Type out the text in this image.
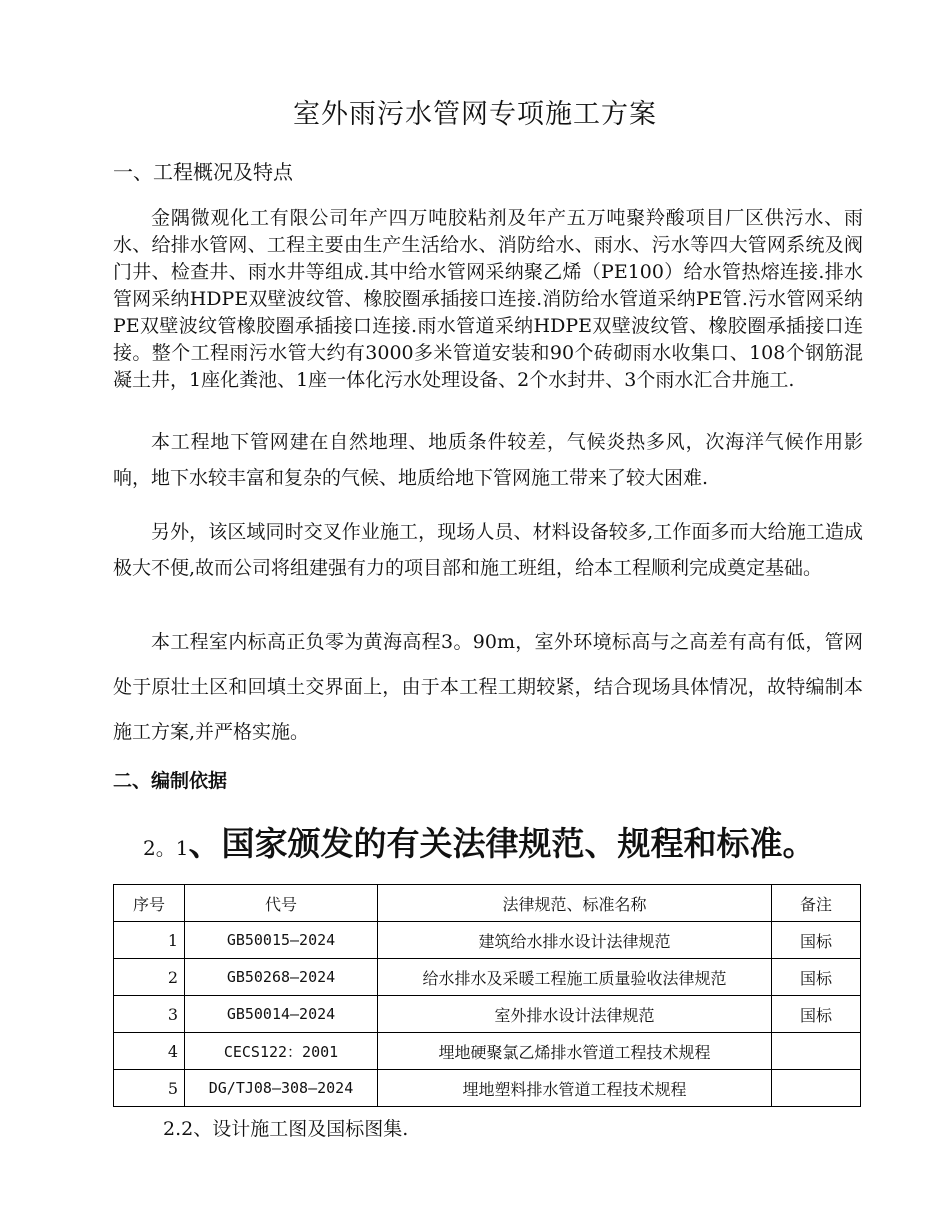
室外雨污水管网专项施工方案
一、工程概况及特点
金隅微观化工有限公司年产四万吨胶粘剂及年产五万吨聚羚酸项目厂区供污水、雨水、给排水管网、工程主要由生产生活给水、消防给水、雨水、污水等四大管网系统及阀门井、检查井、雨水井等组成.其中给水管网采纳聚乙烯（PE100）给水管热熔连接.排水管网采纳HDPE双壁波纹管、橡胶圈承插接口连接.消防给水管道采纳PE管.污水管网采纳PE双壁波纹管橡胶圈承插接口连接.雨水管道采纳HDPE双壁波纹管、橡胶圈承插接口连接。整个工程雨污水管大约有3000多米管道安装和90个砖砌雨水收集口、108个钢筋混凝土井，1座化粪池、1座一体化污水处理设备、2个水封井、3个雨水汇合井施工.
本工程地下管网建在自然地理、地质条件较差，气候炎热多风，次海洋气候作用影响，地下水较丰富和复杂的气候、地质给地下管网施工带来了较大困难.
另外，该区域同时交叉作业施工，现场人员、材料设备较多,工作面多而大给施工造成极大不便,故而公司将组建强有力的项目部和施工班组，给本工程顺利完成奠定基础。
本工程室内标高正负零为黄海高程3。90m，室外环境标高与之高差有高有低，管网处于原壮土区和回填土交界面上，由于本工程工期较紧，结合现场具体情况，故特编制本施工方案,并严格实施。
二、编制依据
2。1、国家颁发的有关法律规范、规程和标准。
序号	代号	法律规范、标准名称	备注
1	GB50015—2024	建筑给水排水设计法律规范	国标
2	GB50268—2024	给水排水及采暖工程施工质量验收法律规范	国标
3	GB50014—2024	室外排水设计法律规范	国标
4	CECS122：2001	埋地硬聚氯乙烯排水管道工程技术规程	
5	DG/TJ08—308—2024	埋地塑料排水管道工程技术规程	
2.2、设计施工图及国标图集.
